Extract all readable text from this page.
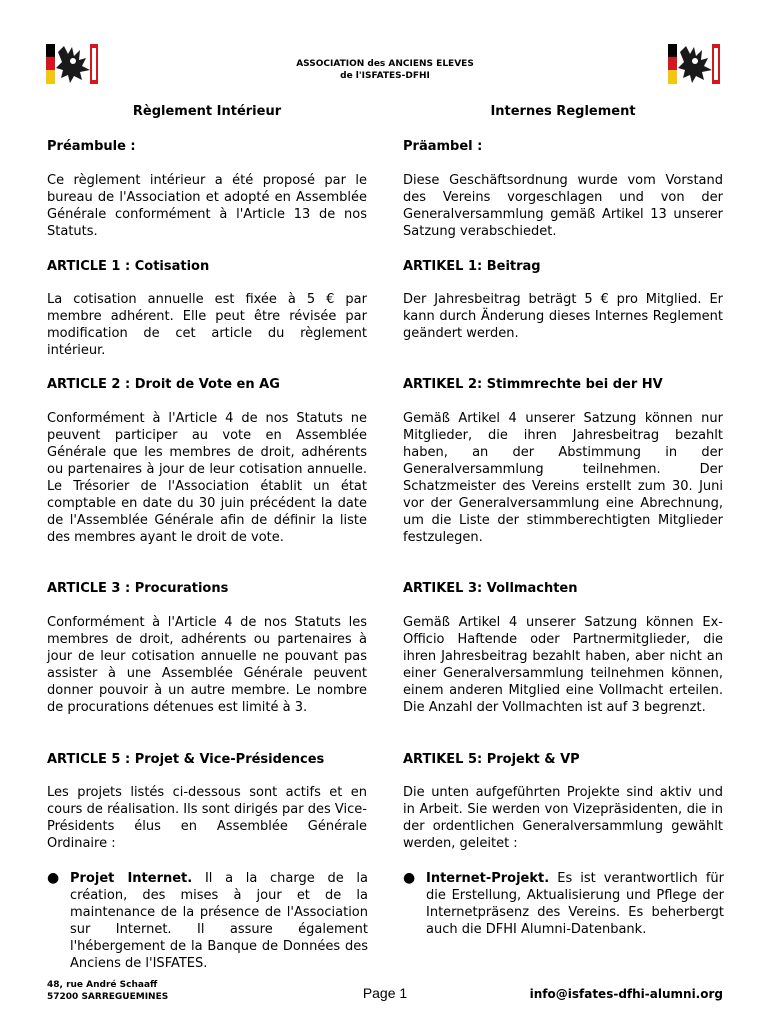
ASSOCIATION des ANCIENS ELEVES
de l'ISFATES-DFHI
Règlement Intérieur
Préambule :
Ce règlement intérieur a été proposé par le bureau de l'Association et adopté en Assemblée Générale conformément à l'Article 13 de nos Statuts.
ARTICLE 1 : Cotisation
La cotisation annuelle est fixée à 5 € par membre adhérent. Elle peut être révisée par modification de cet article du règlement intérieur.
ARTICLE 2 : Droit de Vote en AG
Conformément à l'Article 4 de nos Statuts ne peuvent participer au vote en Assemblée Générale que les membres de droit, adhérents ou partenaires à jour de leur cotisation annuelle. Le Trésorier de l'Association établit un état comptable en date du 30 juin précédent la date de l'Assemblée Générale afin de définir la liste des membres ayant le droit de vote.
ARTICLE 3 : Procurations
Conformément à l'Article 4 de nos Statuts les membres de droit, adhérents ou partenaires à jour de leur cotisation annuelle ne pouvant pas assister à une Assemblée Générale peuvent donner pouvoir à un autre membre. Le nombre de procurations détenues est limité à 3.
ARTICLE 5 : Projet & Vice-Présidences
Les projets listés ci-dessous sont actifs et en cours de réalisation. Ils sont dirigés par des Vice-Présidents élus en Assemblée Générale Ordinaire :
● Projet Internet. Il a la charge de la création, des mises à jour et de la maintenance de la présence de l'Association sur Internet. Il assure également l'hébergement de la Banque de Données des Anciens de l'ISFATES.
Internes Reglement
Präambel :
Diese Geschäftsordnung wurde vom Vorstand des Vereins vorgeschlagen und von der Generalversammlung gemäß Artikel 13 unserer Satzung verabschiedet.
ARTIKEL 1: Beitrag
Der Jahresbeitrag beträgt 5 € pro Mitglied. Er kann durch Änderung dieses Internes Reglement geändert werden.
ARTIKEL 2: Stimmrechte bei der HV
Gemäß Artikel 4 unserer Satzung können nur Mitglieder, die ihren Jahresbeitrag bezahlt haben, an der Abstimmung in der Generalversammlung teilnehmen. Der Schatzmeister des Vereins erstellt zum 30. Juni vor der Generalversammlung eine Abrechnung, um die Liste der stimmberechtigten Mitglieder festzulegen.
ARTIKEL 3: Vollmachten
Gemäß Artikel 4 unserer Satzung können Ex-Officio Haftende oder Partnermitglieder, die ihren Jahresbeitrag bezahlt haben, aber nicht an einer Generalversammlung teilnehmen können, einem anderen Mitglied eine Vollmacht erteilen. Die Anzahl der Vollmachten ist auf 3 begrenzt.
ARTIKEL 5: Projekt & VP
Die unten aufgeführten Projekte sind aktiv und in Arbeit. Sie werden von Vizepräsidenten, die in der ordentlichen Generalversammlung gewählt werden, geleitet :
● Internet-Projekt. Es ist verantwortlich für die Erstellung, Aktualisierung und Pflege der Internetpräsenz des Vereins. Es beherbergt auch die DFHI Alumni-Datenbank.
48, rue André Schaaff
57200 SARREGUEMINES	Page 1	info@isfates-dfhi-alumni.org
